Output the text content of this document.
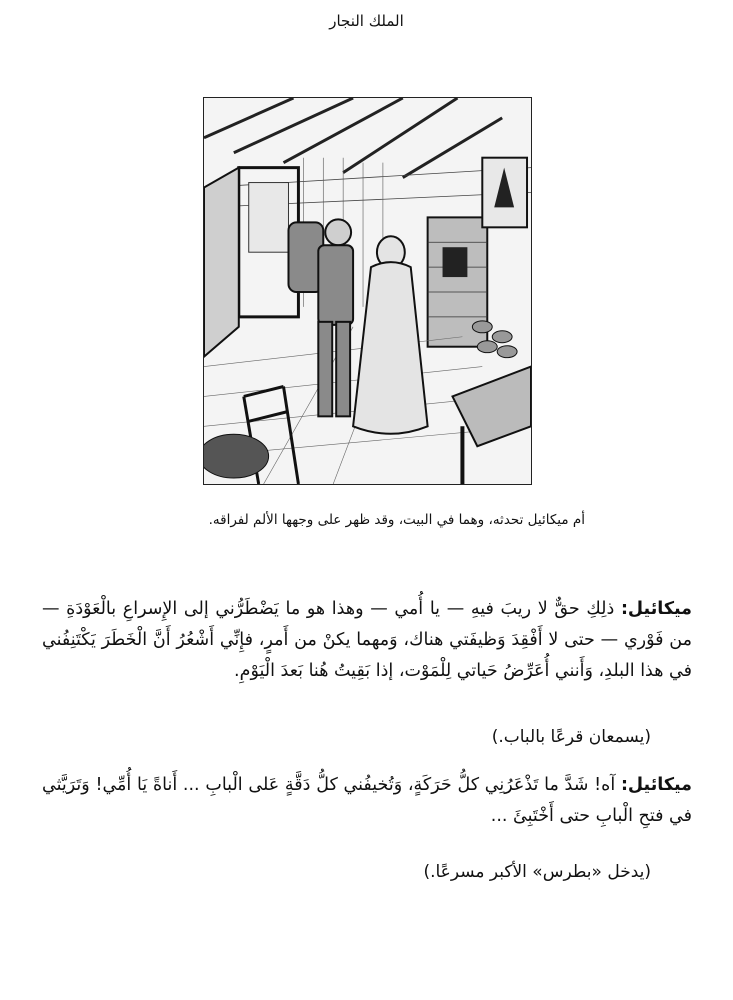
الملك النجار
أم ميكائيل تحدثه، وهما في البيت، وقد ظهر على وجهها الألم لفراقه.
ميكائيل: ذلِكِ حقٌّ لا ريبَ فيهِ — يا أُمي — وهذا هو ما يَضْطَرُّني إلى الإِسراعِ بالْعَوْدَةِ — من فَوْري — حتى لا أَفْقِدَ وَظيفَتي هناك، وَمهما يكنْ من أَمرٍ، فإِنِّي أَشْعُرُ أَنَّ الْخَطَرَ يَكْتَنِفُني في هذا البلدِ، وَأَنني أُعَرِّضُ حَياتي لِلْمَوْت، إذا بَقِيتُ هُنا بَعدَ الْيَوْمِ.
(يسمعان قرعًا بالباب.)
ميكائيل: آه! شَدَّ ما تَذْعَرُنِي كلُّ حَرَكَةٍ، وَتُخيفُني كلُّ دَقَّةٍ عَلى الْبابِ ... أَناةً يَا أُمِّي! وَتَرَيَّثي في فتحِ الْبابِ حتى أَخْتَبِئَ ...
(يدخل «بطرس» الأكبر مسرعًا.)
